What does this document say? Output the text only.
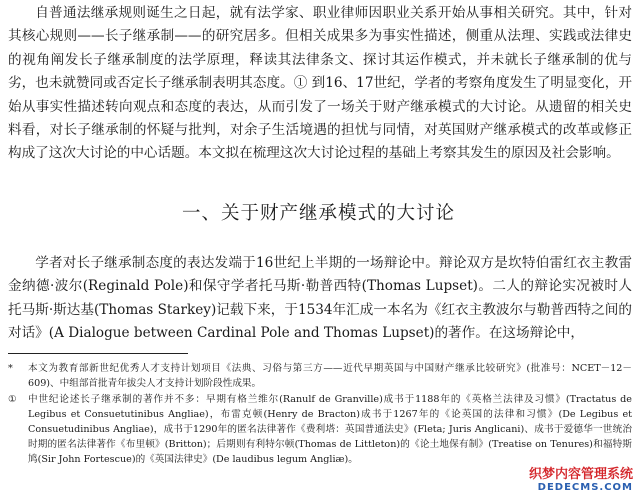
自普通法继承规则诞生之日起，就有法学家、职业律师因职业关系开始从事相关研究。其中，针对其核心规则——长子继承制——的研究居多。但相关成果多为事实性描述，侧重从法理、实践或法律史的视角阐发长子继承制度的法学原理，释读其法律条文、探讨其运作模式，并未就长子继承制的优与劣，也未就赞同或否定长子继承制表明其态度。① 到16、17世纪，学者的考察角度发生了明显变化，开始从事实性描述转向观点和态度的表达，从而引发了一场关于财产继承模式的大讨论。从遗留的相关史料看，对长子继承制的怀疑与批判，对余子生活境遇的担忧与同情，对英国财产继承模式的改革或修正构成了这次大讨论的中心话题。本文拟在梳理这次大讨论过程的基础上考察其发生的原因及社会影响。

一、关于财产继承模式的大讨论

学者对长子继承制态度的表达发端于16世纪上半期的一场辩论中。辩论双方是坎特伯雷红衣主教雷金纳德·波尔(Reginald Pole)和保守学者托马斯·勒普西特(Thomas Lupset)。二人的辩论实况被时人托马斯·斯达基(Thomas Starkey)记载下来，于1534年汇成一本名为《红衣主教波尔与勒普西特之间的对话》(A Dialogue between Cardinal Pole and Thomas Lupset)的著作。在这场辩论中，

* 本文为教育部新世纪优秀人才支持计划项目《法典、习俗与第三方——近代早期英国与中国财产继承比较研究》(批准号：NCET－12－609)、中组部首批青年拔尖人才支持计划阶段性成果。

① 中世纪论述长子继承制的著作并不多：早期有格兰维尔(Ranulf de Granville)成书于1188年的《英格兰法律及习惯》(Tractatus de Legibus et Consuetutinibus Angliae)，布雷克顿(Henry de Bracton)成书于1267年的《论英国的法律和习惯》(De Legibus et Consuetudinibus Angliae)，成书于1290年的匿名法律著作《费利塔：英国普通法史》(Fleta; Juris Anglicani)、成书于爱德华一世统治时期的匿名法律著作《布里顿》(Britton)；后期则有利特尔顿(Thomas de Littleton)的《论土地保有制》(Treatise on Tenures)和福特斯鸠(Sir John Fortescue)的《英国法律史》(De laudibus legum Angliæ)。

织梦内容管理系统
DEDECMS.COM
